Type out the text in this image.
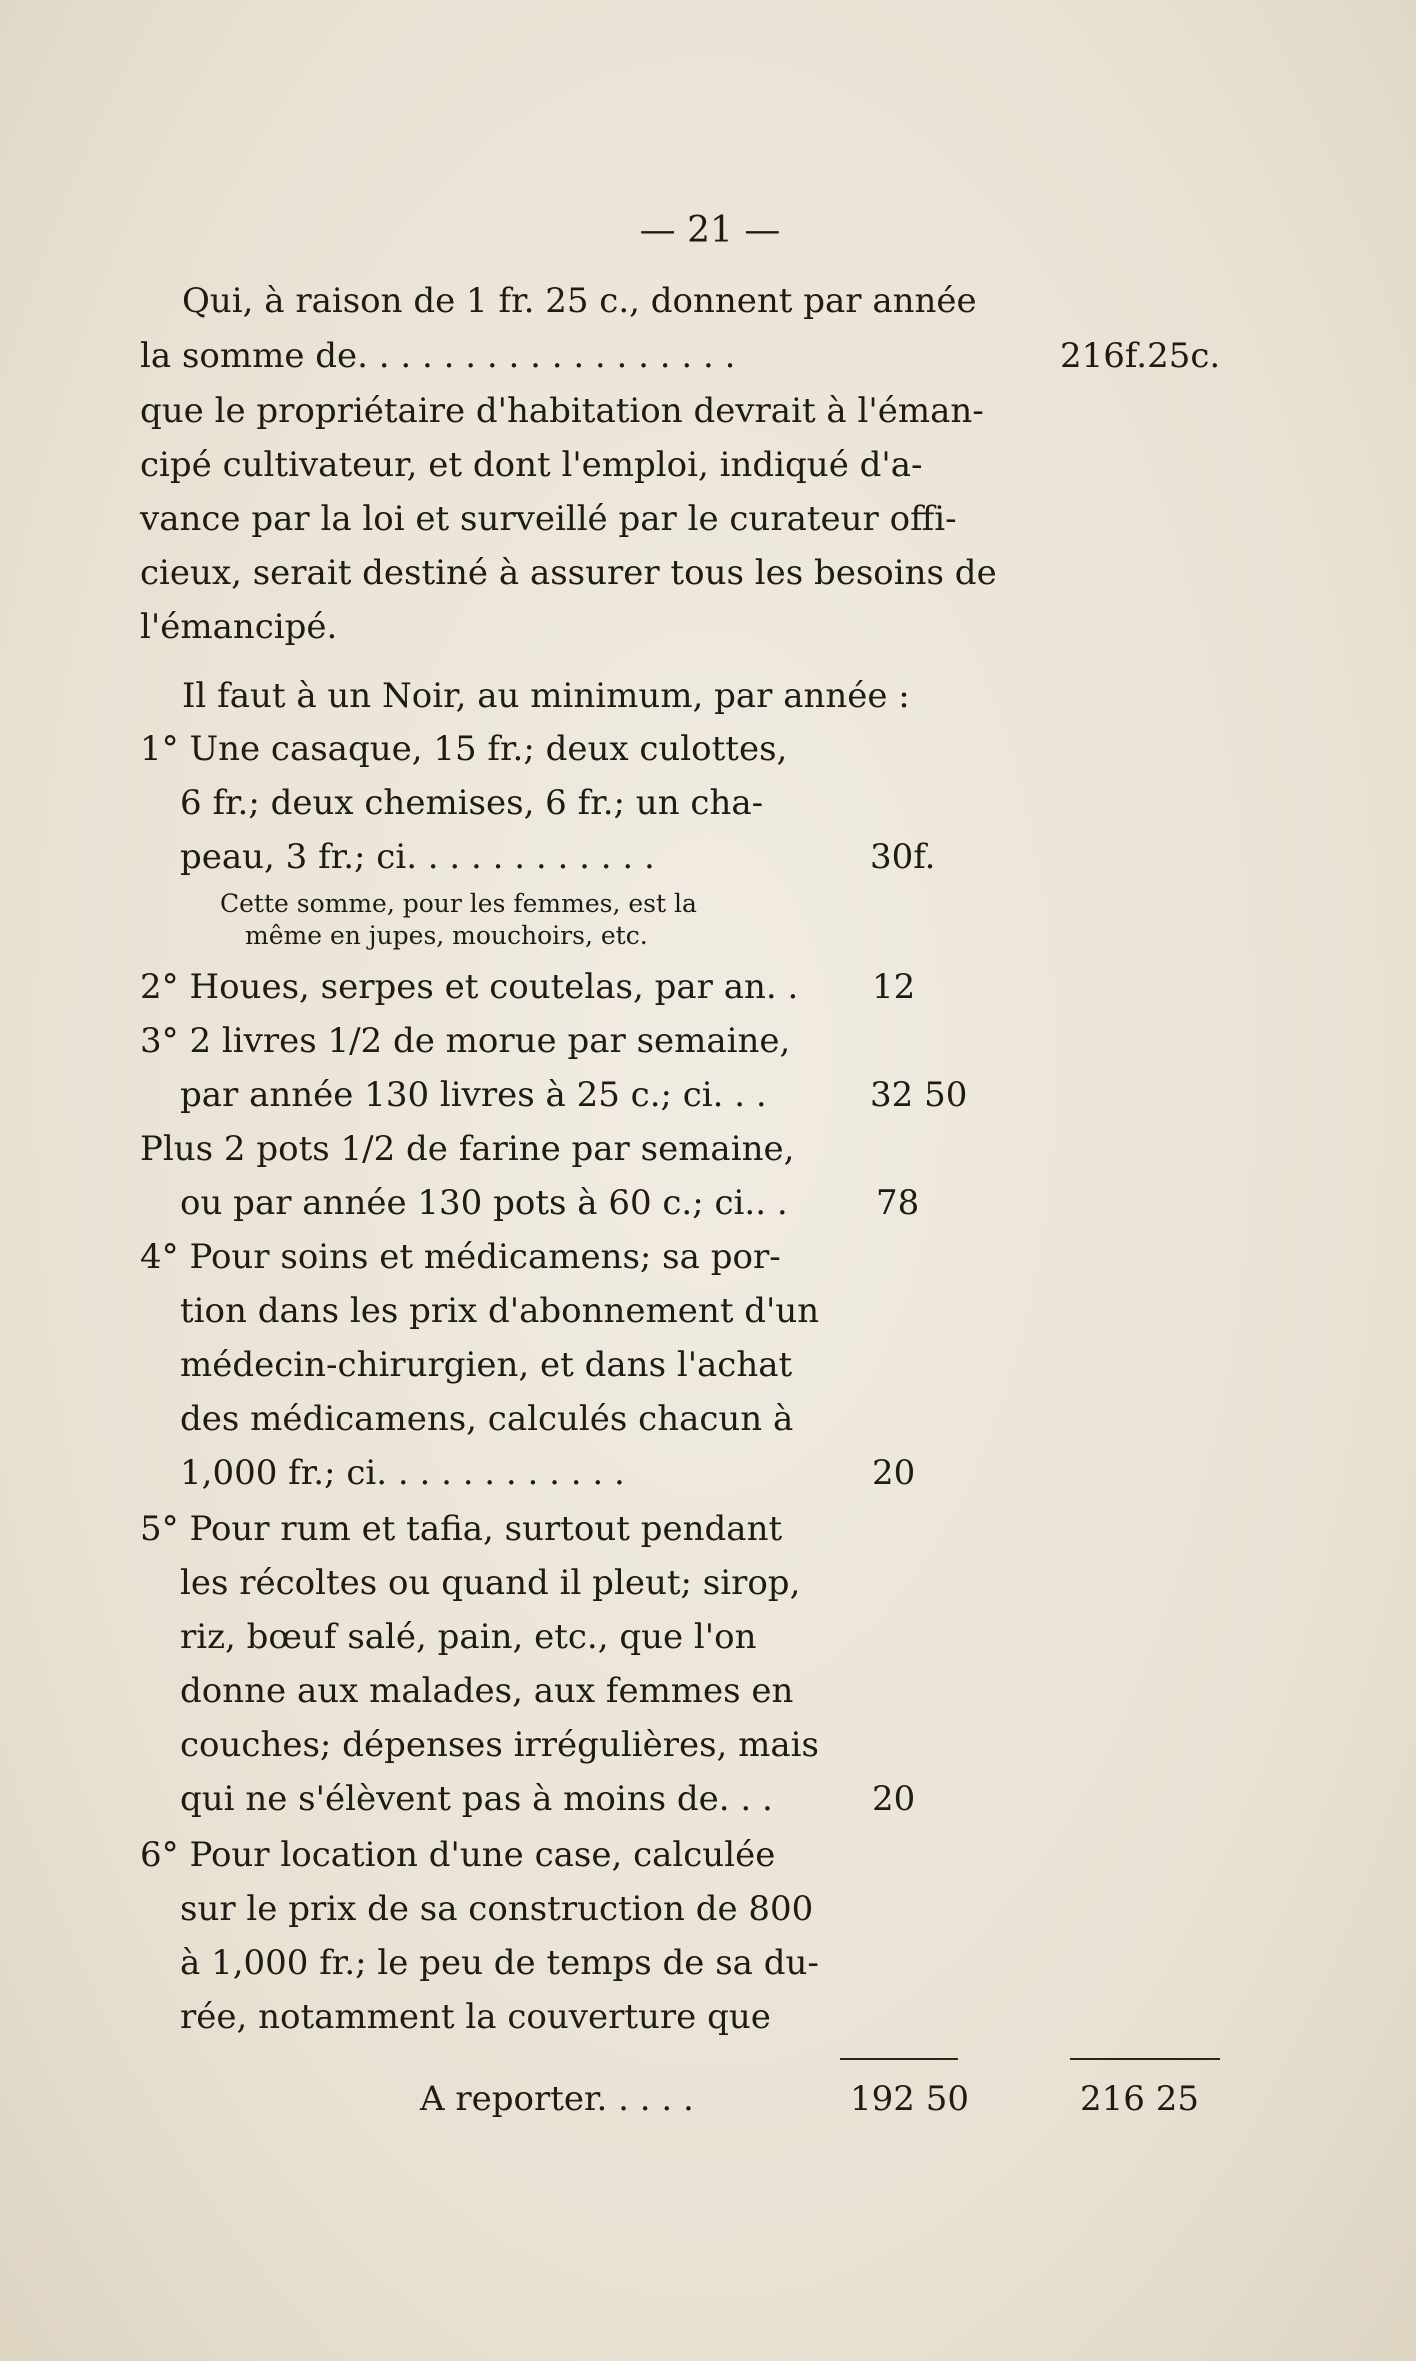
— 21 —
Qui, à raison de 1 fr. 25 c., donnent par année
la somme de. . . . . . . . . . . . . . . . . .	216f.25c.
que le propriétaire d'habitation devrait à l'éman-
cipé cultivateur, et dont l'emploi, indiqué d'a-
vance par la loi et surveillé par le curateur offi-
cieux, serait destiné à assurer tous les besoins de
l'émancipé.
Il faut à un Noir, au minimum, par année :
1° Une casaque, 15 fr.; deux culottes,
6 fr.; deux chemises, 6 fr.; un cha-
peau, 3 fr.; ci. . . . . . . . . . . .	30f.
Cette somme, pour les femmes, est la
même en jupes, mouchoirs, etc.
2° Houes, serpes et coutelas, par an. . 12
3° 2 livres 1/2 de morue par semaine,
par année 130 livres à 25 c.; ci. . .	32 50
Plus 2 pots 1/2 de farine par semaine,
ou par année 130 pots à 60 c.; ci.. .	78
4° Pour soins et médicamens; sa por-
tion dans les prix d'abonnement d'un
médecin-chirurgien, et dans l'achat
des médicamens, calculés chacun à
1,000 fr.; ci. . . . . . . . . . . .	20
5° Pour rum et tafia, surtout pendant
les récoltes ou quand il pleut; sirop,
riz, bœuf salé, pain, etc., que l'on
donne aux malades, aux femmes en
couches; dépenses irrégulières, mais
qui ne s'élèvent pas à moins de. . .	20
6° Pour location d'une case, calculée
sur le prix de sa construction de 800
à 1,000 fr.; le peu de temps de sa du-
rée, notamment la couverture que
A reporter. . . . .	192 50	216 25
